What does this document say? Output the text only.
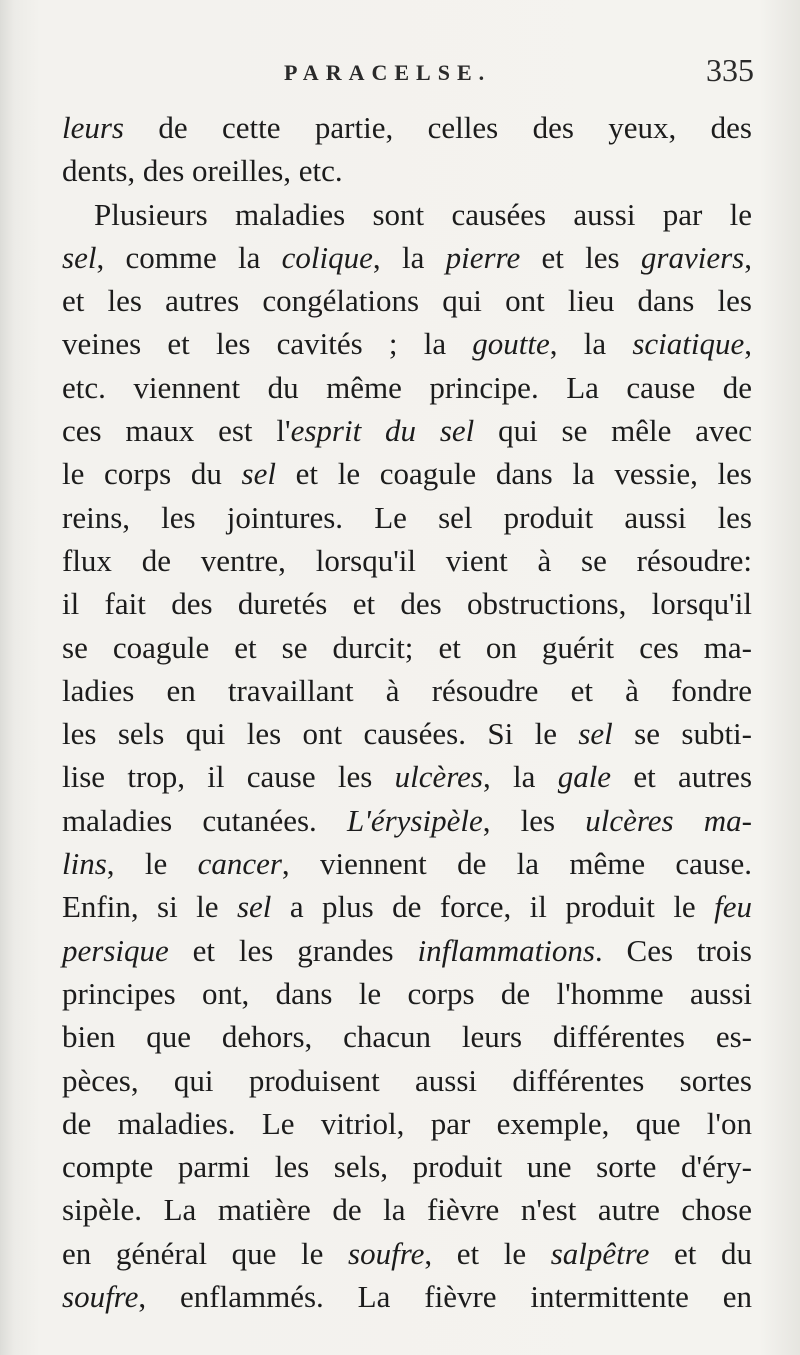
PARACELSE.	335
leurs de cette partie, celles des yeux, des
dents, des oreilles, etc.
Plusieurs maladies sont causées aussi par le
sel, comme la colique, la pierre et les graviers,
et les autres congélations qui ont lieu dans les
veines et les cavités ; la goutte, la sciatique,
etc. viennent du même principe. La cause de
ces maux est l'esprit du sel qui se mêle avec
le corps du sel et le coagule dans la vessie, les
reins, les jointures. Le sel produit aussi les
flux de ventre, lorsqu'il vient à se résoudre:
il fait des duretés et des obstructions, lorsqu'il
se coagule et se durcit; et on guérit ces ma-
ladies en travaillant à résoudre et à fondre
les sels qui les ont causées. Si le sel se subti-
lise trop, il cause les ulcères, la gale et autres
maladies cutanées. L'érysipèle, les ulcères ma-
lins, le cancer, viennent de la même cause.
Enfin, si le sel a plus de force, il produit le feu
persique et les grandes inflammations. Ces trois
principes ont, dans le corps de l'homme aussi
bien que dehors, chacun leurs différentes es-
pèces, qui produisent aussi différentes sortes
de maladies. Le vitriol, par exemple, que l'on
compte parmi les sels, produit une sorte d'éry-
sipèle. La matière de la fièvre n'est autre chose
en général que le soufre, et le salpêtre et du
soufre, enflammés. La fièvre intermittente en
